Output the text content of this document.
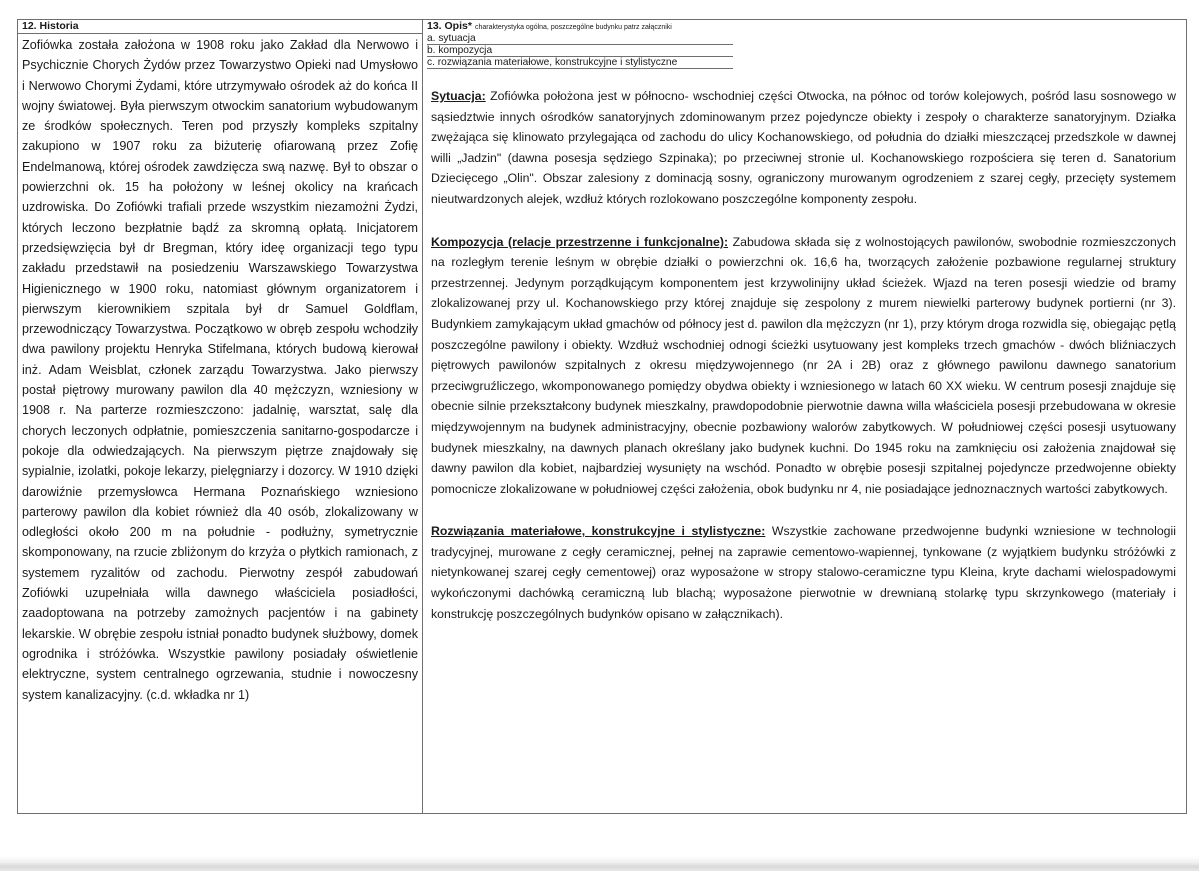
12. Historia
Zofiówka została założona w 1908 roku jako Zakład dla Nerwowo i Psychicznie Chorych Żydów przez Towarzystwo Opieki nad Umysłowo i Nerwowo Chorymi Żydami, które utrzymywało ośrodek aż do końca II wojny światowej. Była pierwszym otwockim sanatorium wybudowanym ze środków społecznych. Teren pod przyszły kompleks szpitalny zakupiono w 1907 roku za biżuterię ofiarowaną przez Zofię Endelmanową, której ośrodek zawdzięcza swą nazwę. Był to obszar o powierzchni ok. 15 ha położony w leśnej okolicy na krańcach uzdrowiska. Do Zofiówki trafiali przede wszystkim niezamożni Żydzi, których leczono bezpłatnie bądź za skromną opłatą. Inicjatorem przedsięwzięcia był dr Bregman, który ideę organizacji tego typu zakładu przedstawił na posiedzeniu Warszawskiego Towarzystwa Higienicznego w 1900 roku, natomiast głównym organizatorem i pierwszym kierownikiem szpitala był dr Samuel Goldflam, przewodniczący Towarzystwa. Początkowo w obręb zespołu wchodziły dwa pawilony projektu Henryka Stifelmana, których budową kierował inż. Adam Weisblat, członek zarządu Towarzystwa. Jako pierwszy postał piętrowy murowany pawilon dla 40 mężczyzn, wzniesiony w 1908 r. Na parterze rozmieszczono: jadalnię, warsztat, salę dla chorych leczonych odpłatnie, pomieszczenia sanitarno-gospodarcze i pokoje dla odwiedzających. Na pierwszym piętrze znajdowały się sypialnie, izolatki, pokoje lekarzy, pielęgniarzy i dozorcy. W 1910 dzięki darowiźnie przemysłowca Hermana Poznańskiego wzniesiono parterowy pawilon dla kobiet również dla 40 osób, zlokalizowany w odległości około 200 m na południe - podłużny, symetrycznie skomponowany, na rzucie zbliżonym do krzyża o płytkich ramionach, z systemem ryzalitów od zachodu. Pierwotny zespół zabudowań Zofiówki uzupełniała willa dawnego właściciela posiadłości, zaadoptowana na potrzeby zamożnych pacjentów i na gabinety lekarskie. W obrębie zespołu istniał ponadto budynek służbowy, domek ogrodnika i stróżówka. Wszystkie pawilony posiadały oświetlenie elektryczne, system centralnego ogrzewania, studnie i nowoczesny system kanalizacyjny. (c.d. wkładka nr 1)
13. Opis* charakterystyka ogólna, poszczególne budynku patrz załączniki
a. sytuacja
b. kompozycja
c. rozwiązania materiałowe, konstrukcyjne i stylistyczne
Sytuacja: Zofiówka położona jest w północno- wschodniej części Otwocka, na północ od torów kolejowych, pośród lasu sosnowego w sąsiedztwie innych ośrodków sanatoryjnych zdominowanym przez pojedyncze obiekty i zespoły o charakterze sanatoryjnym. Działka zwężająca się klinowato przylegająca od zachodu do ulicy Kochanowskiego, od południa do działki mieszczącej przedszkole w dawnej willi „Jadzin" (dawna posesja sędziego Szpinaka); po przeciwnej stronie ul. Kochanowskiego rozpościera się teren d. Sanatorium Dziecięcego „Olin". Obszar zalesiony z dominacją sosny, ograniczony murowanym ogrodzeniem z szarej cegły, przecięty systemem nieutwardzonych alejek, wzdłuż których rozlokowano poszczególne komponenty zespołu.
Kompozycja (relacje przestrzenne i funkcjonalne): Zabudowa składa się z wolnostojących pawilonów, swobodnie rozmieszczonych na rozległym terenie leśnym w obrębie działki o powierzchni ok. 16,6 ha, tworzących założenie pozbawione regularnej struktury przestrzennej. Jedynym porządkującym komponentem jest krzywolinijny układ ścieżek. Wjazd na teren posesji wiedzie od bramy zlokalizowanej przy ul. Kochanowskiego przy której znajduje się zespolony z murem niewielki parterowy budynek portierni (nr 3). Budynkiem zamykającym układ gmachów od północy jest d. pawilon dla mężczyzn (nr 1), przy którym droga rozwidla się, obiegając pętlą poszczególne pawilony i obiekty. Wzdłuż wschodniej odnogi ścieżki usytuowany jest kompleks trzech gmachów - dwóch bliźniaczych piętrowych pawilonów szpitalnych z okresu międzywojennego (nr 2A i 2B) oraz z głównego pawilonu dawnego sanatorium przeciwgruźliczego, wkomponowanego pomiędzy obydwa obiekty i wzniesionego w latach 60 XX wieku. W centrum posesji znajduje się obecnie silnie przekształcony budynek mieszkalny, prawdopodobnie pierwotnie dawna willa właściciela posesji przebudowana w okresie międzywojennym na budynek administracyjny, obecnie pozbawiony walorów zabytkowych. W południowej części posesji usytuowany budynek mieszkalny, na dawnych planach określany jako budynek kuchni. Do 1945 roku na zamknięciu osi założenia znajdował się dawny pawilon dla kobiet, najbardziej wysunięty na wschód. Ponadto w obrębie posesji szpitalnej pojedyncze przedwojenne obiekty pomocnicze zlokalizowane w południowej części założenia, obok budynku nr 4, nie posiadające jednoznacznych wartości zabytkowych.
Rozwiązania materiałowe, konstrukcyjne i stylistyczne: Wszystkie zachowane przedwojenne budynki wzniesione w technologii tradycyjnej, murowane z cegły ceramicznej, pełnej na zaprawie cementowo-wapiennej, tynkowane (z wyjątkiem budynku stróżówki z nietynkowanej szarej cegły cementowej) oraz wyposażone w stropy stalowo-ceramiczne typu Kleina, kryte dachami wielospadowymi wykończonymi dachówką ceramiczną lub blachą; wyposażone pierwotnie w drewnianą stolarkę typu skrzynkowego (materiały i konstrukcję poszczególnych budynków opisano w załącznikach).
